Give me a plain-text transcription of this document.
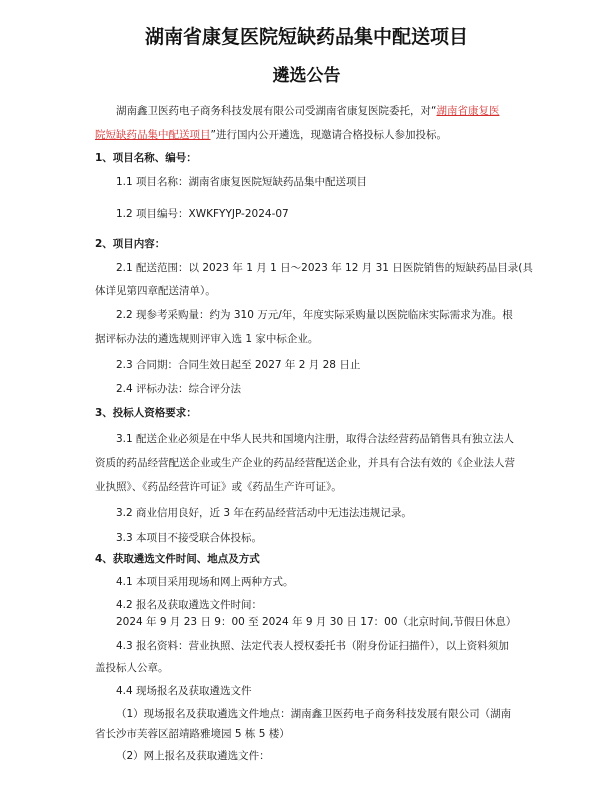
湖南省康复医院短缺药品集中配送项目
遴选公告
湖南鑫卫医药电子商务科技发展有限公司受湖南省康复医院委托，对“湖南省康复医
院短缺药品集中配送项目”进行国内公开遴选，现邀请合格投标人参加投标。
1、项目名称、编号：
1.1 项目名称：湖南省康复医院短缺药品集中配送项目
1.2 项目编号：XWKFYYJP-2024-07
2、项目内容：
2.1 配送范围：以 2023 年 1 月 1 日～2023 年 12 月 31 日医院销售的短缺药品目录(具
体详见第四章配送清单）。
2.2 现参考采购量：约为 310 万元/年，年度实际采购量以医院临床实际需求为准。根
据评标办法的遴选规则评审入选 1 家中标企业。
2.3 合同期：合同生效日起至 2027 年 2 月 28 日止
2.4 评标办法：综合评分法
3、投标人资格要求：
3.1 配送企业必须是在中华人民共和国境内注册，取得合法经营药品销售具有独立法人
资质的药品经营配送企业或生产企业的药品经营配送企业，并具有合法有效的《企业法人营
业执照》、《药品经营许可证》或《药品生产许可证》。
3.2 商业信用良好，近 3 年在药品经营活动中无违法违规记录。
3.3 本项目不接受联合体投标。
4、获取遴选文件时间、地点及方式
4.1 本项目采用现场和网上两种方式。
4.2 报名及获取遴选文件时间：
2024 年 9 月 23 日 9：00 至 2024 年 9 月 30 日 17：00（北京时间,节假日休息）
4.3 报名资料：营业执照、法定代表人授权委托书（附身份证扫描件），以上资料须加
盖投标人公章。
4.4 现场报名及获取遴选文件
（1）现场报名及获取遴选文件地点：湖南鑫卫医药电子商务科技发展有限公司（湖南
省长沙市芙蓉区韶靖路雅境园 5 栋 5 楼）
（2）网上报名及获取遴选文件：
